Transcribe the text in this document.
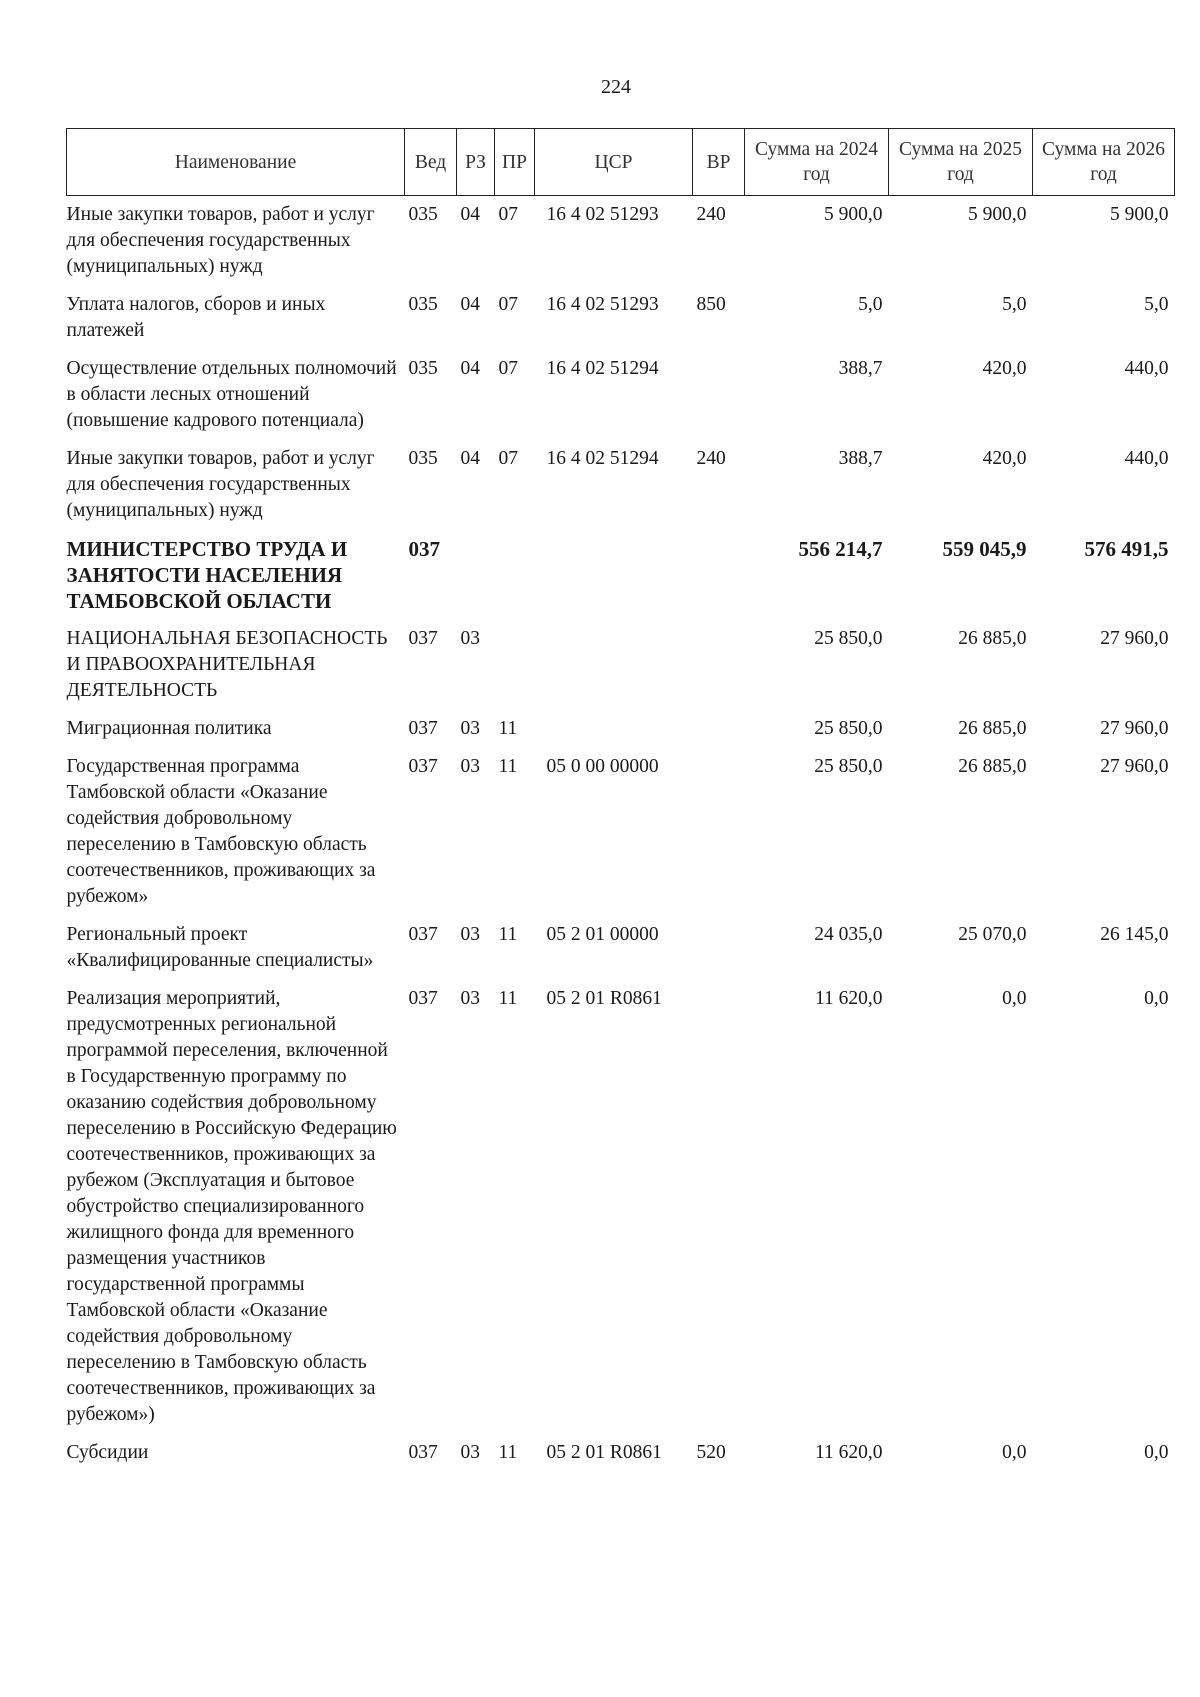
224
Наименование	Вед	РЗ	ПР	ЦСР	ВР	Сумма на 2024 год	Сумма на 2025 год	Сумма на 2026 год
Иные закупки товаров, работ и услуг для обеспечения государственных (муниципальных) нужд	035	04	07	16 4 02 51293	240	5 900,0	5 900,0	5 900,0
Уплата налогов, сборов и иных платежей	035	04	07	16 4 02 51293	850	5,0	5,0	5,0
Осуществление отдельных полномочий в области лесных отношений (повышение кадрового потенциала)	035	04	07	16 4 02 51294		388,7	420,0	440,0
Иные закупки товаров, работ и услуг для обеспечения государственных (муниципальных) нужд	035	04	07	16 4 02 51294	240	388,7	420,0	440,0
МИНИСТЕРСТВО ТРУДА И ЗАНЯТОСТИ НАСЕЛЕНИЯ ТАМБОВСКОЙ ОБЛАСТИ	037					556 214,7	559 045,9	576 491,5
НАЦИОНАЛЬНАЯ БЕЗОПАСНОСТЬ И ПРАВООХРАНИТЕЛЬНАЯ ДЕЯТЕЛЬНОСТЬ	037	03				25 850,0	26 885,0	27 960,0
Миграционная политика	037	03	11			25 850,0	26 885,0	27 960,0
Государственная программа Тамбовской области «Оказание содействия добровольному переселению в Тамбовскую область соотечественников, проживающих за рубежом»	037	03	11	05 0 00 00000		25 850,0	26 885,0	27 960,0
Региональный проект «Квалифицированные специалисты»	037	03	11	05 2 01 00000		24 035,0	25 070,0	26 145,0
Реализация мероприятий, предусмотренных региональной программой переселения, включенной в Государственную программу по оказанию содействия добровольному переселению в Российскую Федерацию соотечественников, проживающих за рубежом (Эксплуатация и бытовое обустройство специализированного жилищного фонда для временного размещения участников государственной программы Тамбовской области «Оказание содействия добровольному переселению в Тамбовскую область соотечественников, проживающих за рубежом»)	037	03	11	05 2 01 R0861		11 620,0	0,0	0,0
Субсидии	037	03	11	05 2 01 R0861	520	11 620,0	0,0	0,0
